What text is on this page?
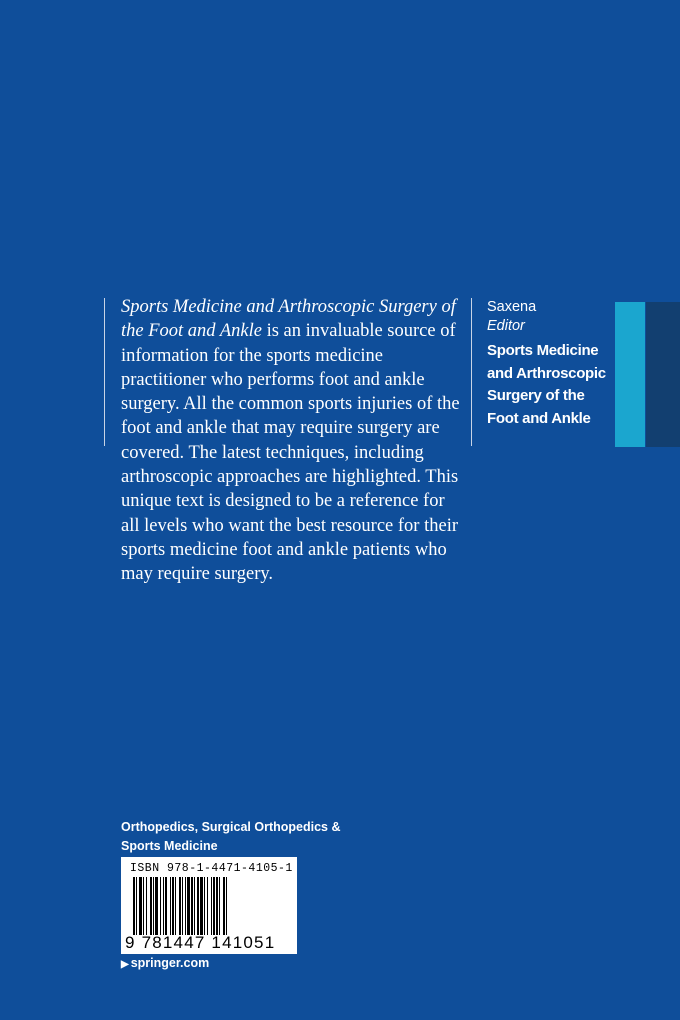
Sports Medicine and Arthroscopic Surgery of the Foot and Ankle is an invaluable source of information for the sports medicine practitioner who performs foot and ankle surgery. All the common sports injuries of the foot and ankle that may require surgery are covered. The latest techniques, including arthroscopic approaches are highlighted. This unique text is designed to be a reference for all levels who want the best resource for their sports medicine foot and ankle patients who may require surgery.

Saxena
Editor
Sports Medicine and Arthroscopic Surgery of the Foot and Ankle
Orthopedics, Surgical Orthopedics & Sports Medicine
ISBN 978-1-4471-4105-1
9 781447 141051
▶ springer.com
